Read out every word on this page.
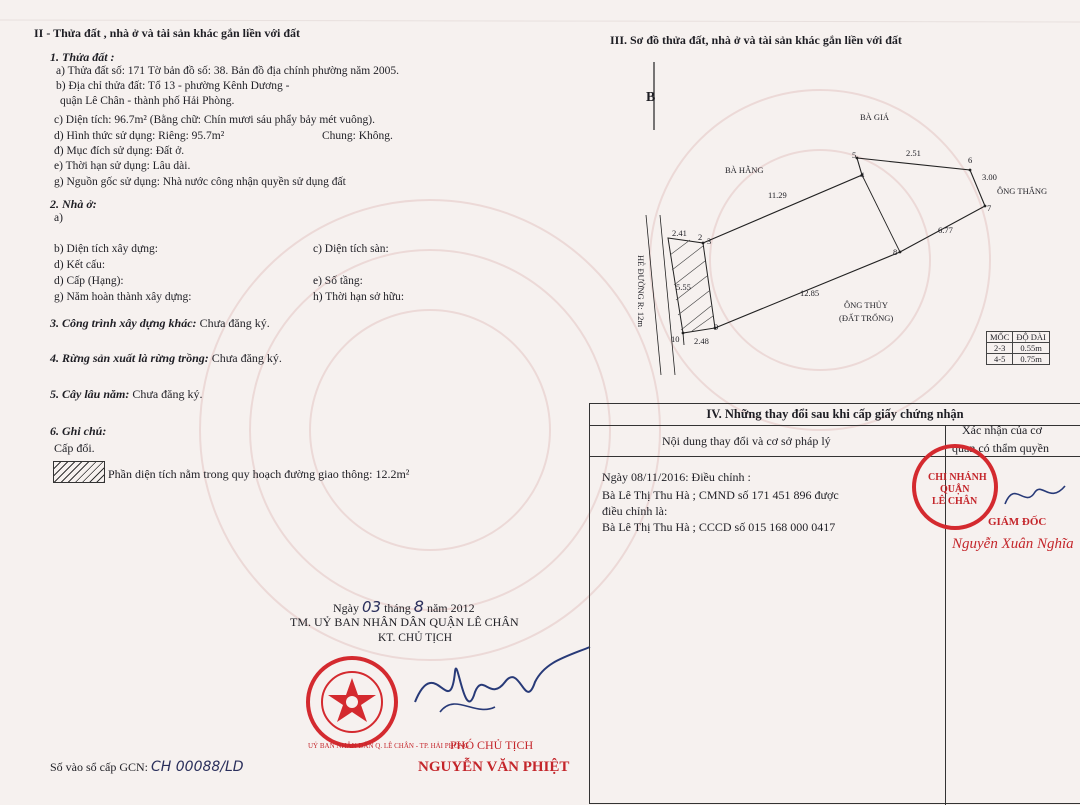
II - Thửa đất , nhà ở và tài sản khác gắn liền với đất
1. Thửa đất :
a) Thửa đất số: 171 Tờ bản đồ số: 38. Bản đồ địa chính phường năm 2005.
b) Địa chỉ thửa đất: Tổ 13 - phường Kênh Dương -
quận Lê Chân - thành phố Hải Phòng.
c) Diện tích: 96.7m² (Bằng chữ: Chín mươi sáu phẩy bảy mét vuông).
d) Hình thức sử dụng: Riêng: 95.7m²	Chung: Không.
đ) Mục đích sử dụng: Đất ở.
e) Thời hạn sử dụng: Lâu dài.
g) Nguồn gốc sử dụng: Nhà nước công nhận quyền sử dụng đất
2. Nhà ở:
a)
b) Diện tích xây dựng:	c) Diện tích sàn:
d) Kết cấu:
d) Cấp (Hạng):	e) Số tầng:
g) Năm hoàn thành xây dựng:	h) Thời hạn sở hữu:
3. Công trình xây dựng khác: Chưa đăng ký.
4. Rừng sản xuất là rừng trồng: Chưa đăng ký.
5. Cây lâu năm: Chưa đăng ký.
6. Ghi chú:
Cấp đổi.
Phần diện tích nằm trong quy hoạch đường giao thông: 12.2m²
Ngày 03 tháng 8 năm 2012
TM. UỶ BAN NHÂN DÂN QUẬN LÊ CHÂN
KT. CHỦ TỊCH
PHÓ CHỦ TỊCH
NGUYỄN VĂN PHIỆT
Số vào sổ cấp GCN: CH 00088/LD
III. Sơ đồ thửa đất, nhà ở và tài sản khác gắn liền với đất
B
BÀ GIÁ
BÀ HẰNG
ÔNG THẮNG
ÔNG THỦY
(ĐẤT TRỐNG)
HẺ ĐƯỜNG R: 12m
2.51
3.00
11.29
2.41	6.77
12.85
2.48
5.55
2 3
4
5	6
7
8
9
10	MỐC	ĐỘ DÀI
2-3	0.55m
4-5	0.75m
IV. Những thay đổi sau khi cấp giấy chứng nhận
Nội dung thay đổi và cơ sở pháp lý
Xác nhận của cơ
quan có thẩm quyền
Ngày 08/11/2016: Điều chỉnh :
Bà Lê Thị Thu Hà ; CMND số 171 451 896 được
điều chỉnh là:
Bà Lê Thị Thu Hà ; CCCD số 015 168 000 0417
CHI NHÁNH
QUẬN
LÊ CHÂN
GIÁM ĐỐC
Nguyễn Xuân Nghĩa
UỶ BAN NHÂN DÂN Q. LÊ CHÂN - TP. HẢI PHÒNG
